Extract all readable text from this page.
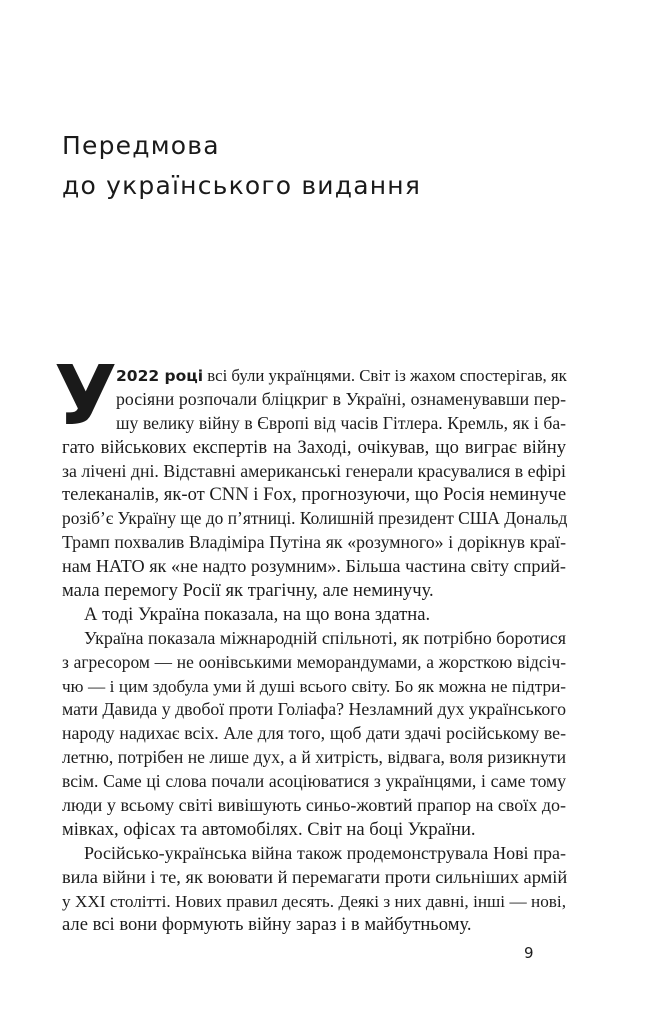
Передмова
до українського видання
У
2022 році всі були українцями. Світ із жахом спостерігав, як
росіяни розпочали бліцкриг в Україні, ознаменувавши пер-
шу велику війну в Європі від часів Гітлера. Кремль, як і ба-
гато військових експертів на Заході, очікував, що виграє війну
за лічені дні. Відставні американські генерали красувалися в ефірі
телеканалів, як-от CNN і Fox, прогнозуючи, що Росія неминуче
розіб’є Україну ще до п’ятниці. Колишній президент США Дональд
Трамп похвалив Владіміра Путіна як «розумного» і дорікнув краї-
нам НАТО як «не надто розумним». Більша частина світу сприй-
мала перемогу Росії як трагічну, але неминучу.
А тоді Україна показала, на що вона здатна.
Україна показала міжнародній спільноті, як потрібно боротися
з агресором — не оонівськими меморандумами, а жорсткою відсіч-
чю — і цим здобула уми й душі всього світу. Бо як можна не підтри-
мати Давида у двобої проти Голіафа? Незламний дух українського
народу надихає всіх. Але для того, щоб дати здачі російському ве-
летню, потрібен не лише дух, а й хитрість, відвага, воля ризикнути
всім. Саме ці слова почали асоціюватися з українцями, і саме тому
люди у всьому світі вивішують синьо-жовтий прапор на своїх до-
мівках, офісах та автомобілях. Світ на боці України.
Російсько-українська війна також продемонструвала Нові пра-
вила війни і те, як воювати й перемагати проти сильніших армій
у XXI столітті. Нових правил десять. Деякі з них давні, інші — нові,
але всі вони формують війну зараз і в майбутньому.
9
